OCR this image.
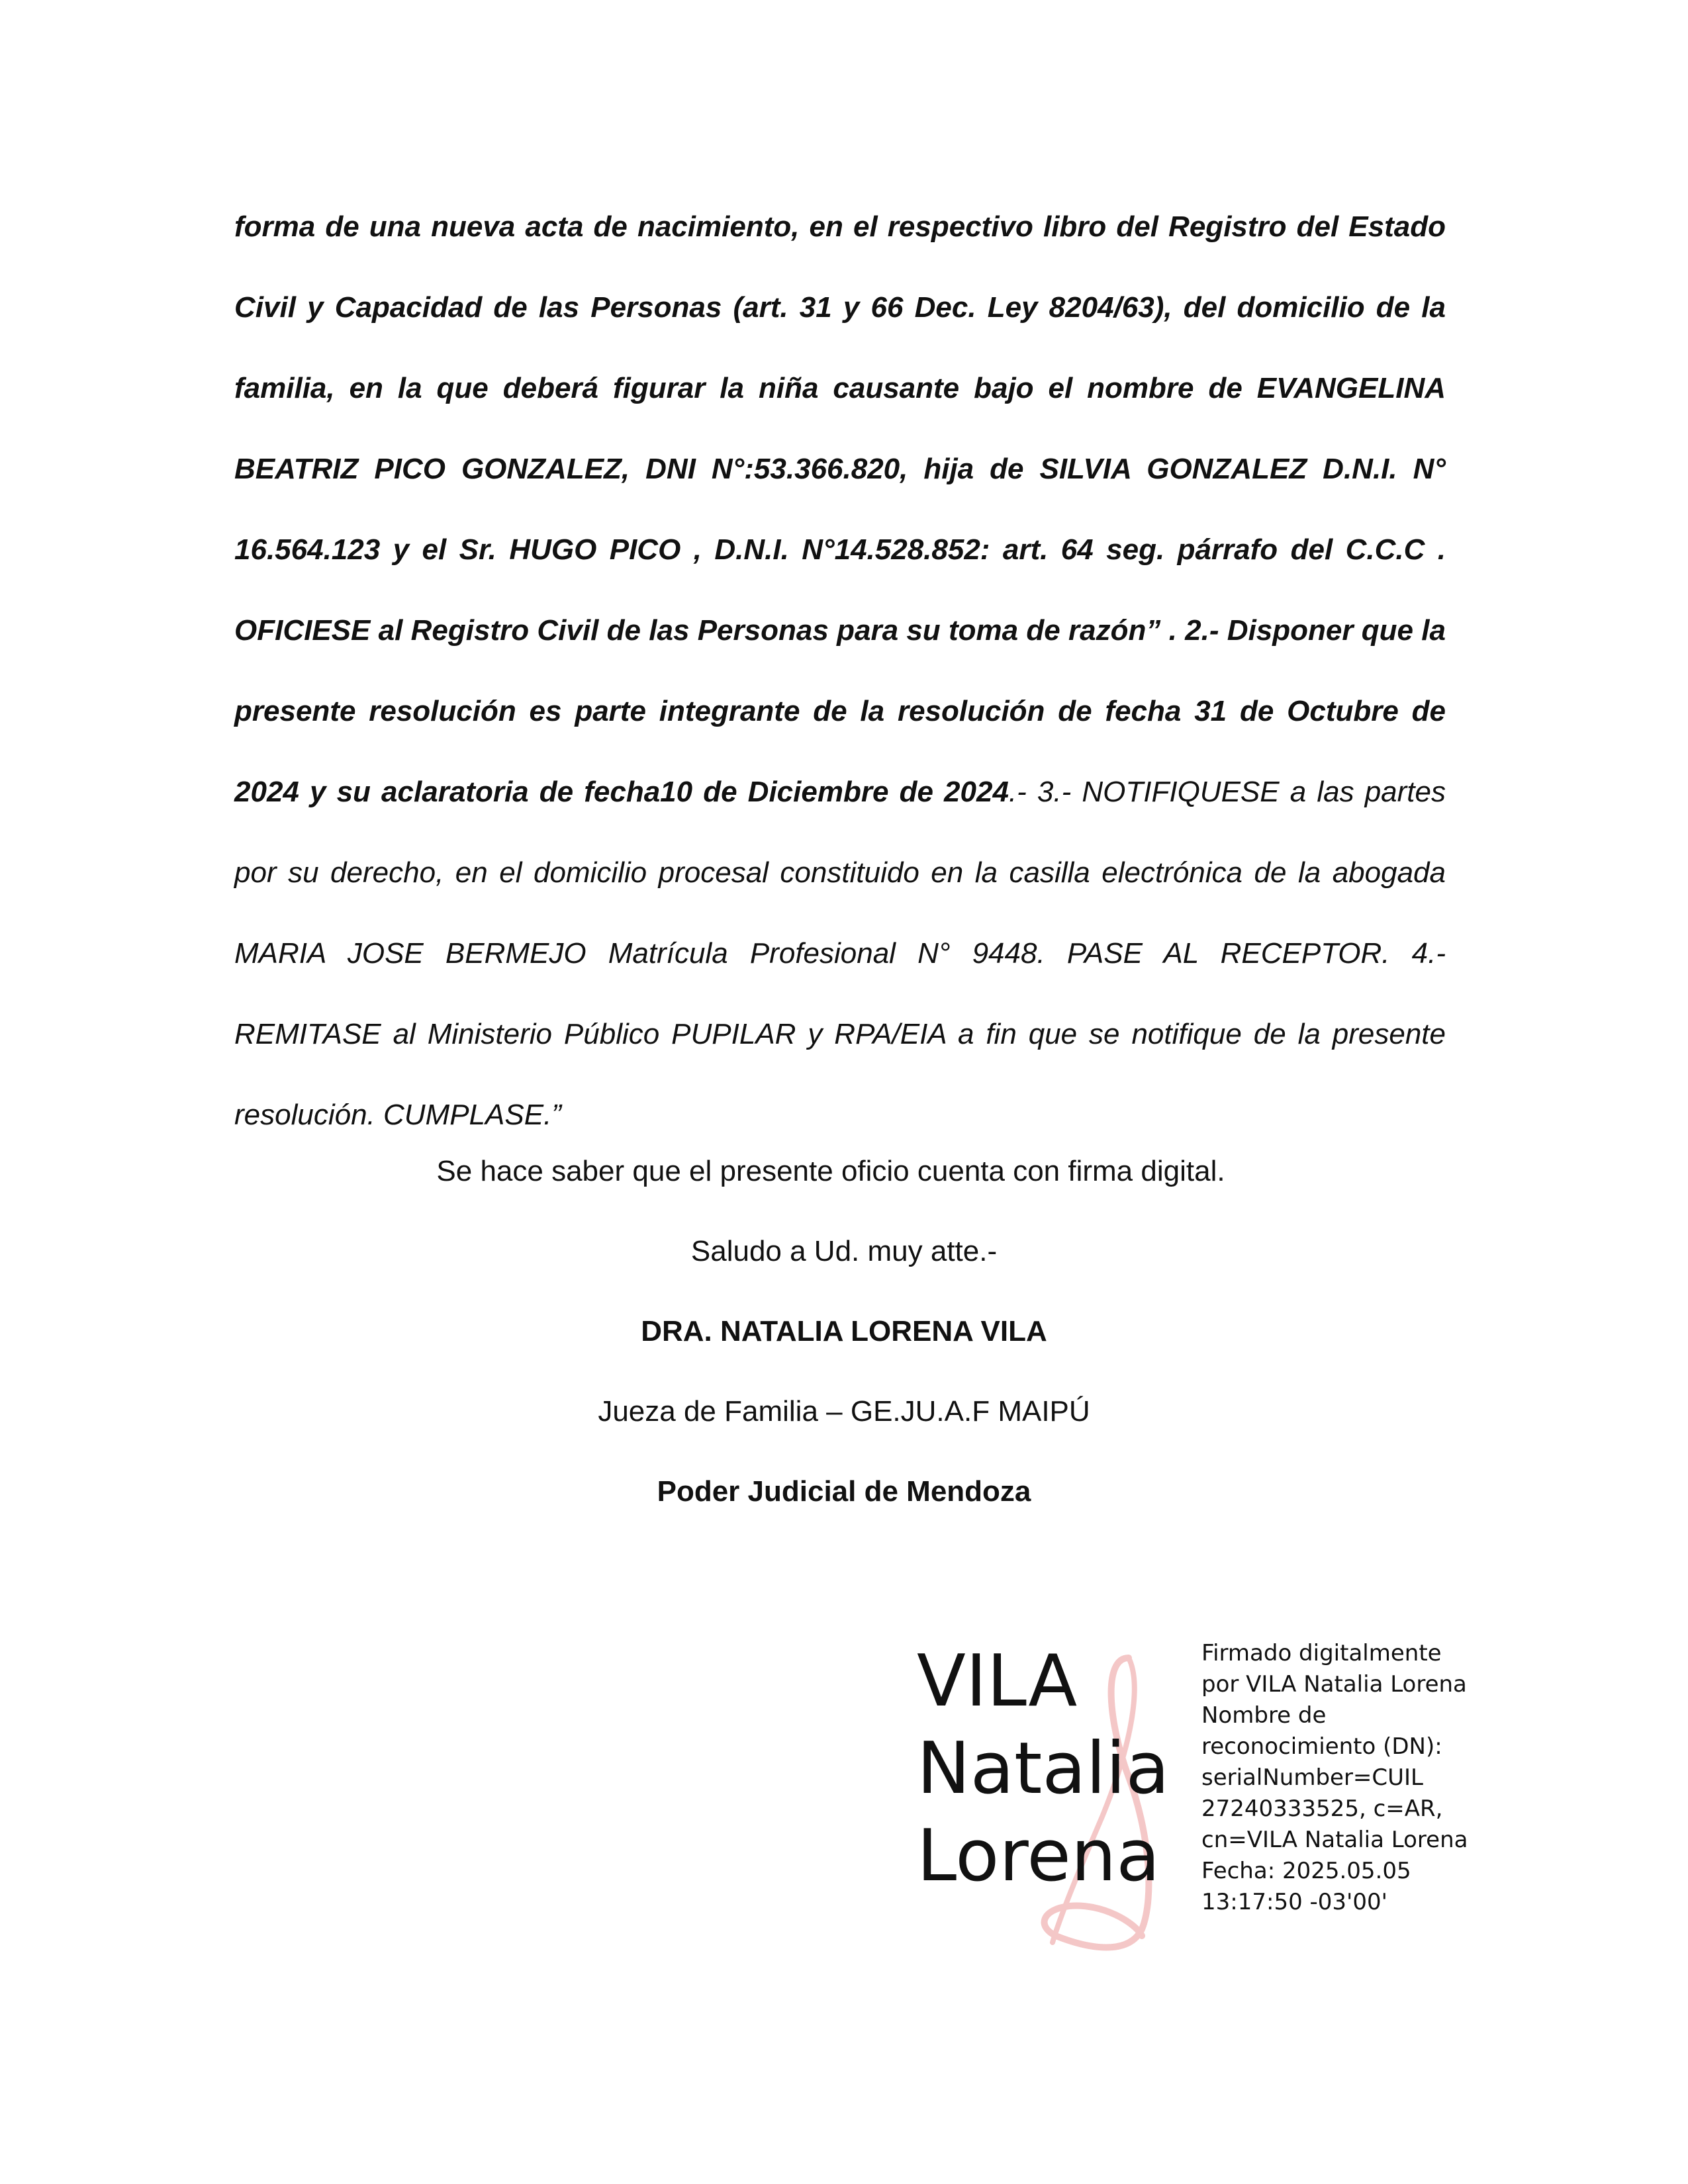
forma de una nueva acta de nacimiento, en el respectivo libro del Registro del Estado Civil y Capacidad de las Personas (art. 31 y 66 Dec. Ley 8204/63), del domicilio de la familia, en la que deberá figurar la niña causante bajo el nombre de EVANGELINA BEATRIZ PICO GONZALEZ, DNI N°:53.366.820, hija de SILVIA GONZALEZ D.N.I. N° 16.564.123 y el Sr. HUGO PICO , D.N.I. N°14.528.852: art. 64 seg. párrafo del C.C.C . OFICIESE al Registro Civil de las Personas para su toma de razón” . 2.- Disponer que la presente resolución es parte integrante de la resolución de fecha 31 de Octubre de 2024 y su aclaratoria de fecha10 de Diciembre de 2024.- 3.- NOTIFIQUESE a las partes por su derecho, en el domicilio procesal constituido en la casilla electrónica de la abogada MARIA JOSE BERMEJO Matrícula Profesional N° 9448. PASE AL RECEPTOR. 4.- REMITASE al Ministerio Público PUPILAR y RPA/EIA a fin que se notifique de la presente resolución. CUMPLASE.”

Se hace saber que el presente oficio cuenta con firma digital.

Saludo a Ud. muy atte.-

DRA. NATALIA LORENA VILA

Jueza de Familia – GE.JU.A.F MAIPÚ

Poder Judicial de Mendoza

VILA
Natalia
Lorena
Firmado digitalmente
por VILA Natalia Lorena
Nombre de
reconocimiento (DN):
serialNumber=CUIL
27240333525, c=AR,
cn=VILA Natalia Lorena
Fecha: 2025.05.05
13:17:50 -03'00'
